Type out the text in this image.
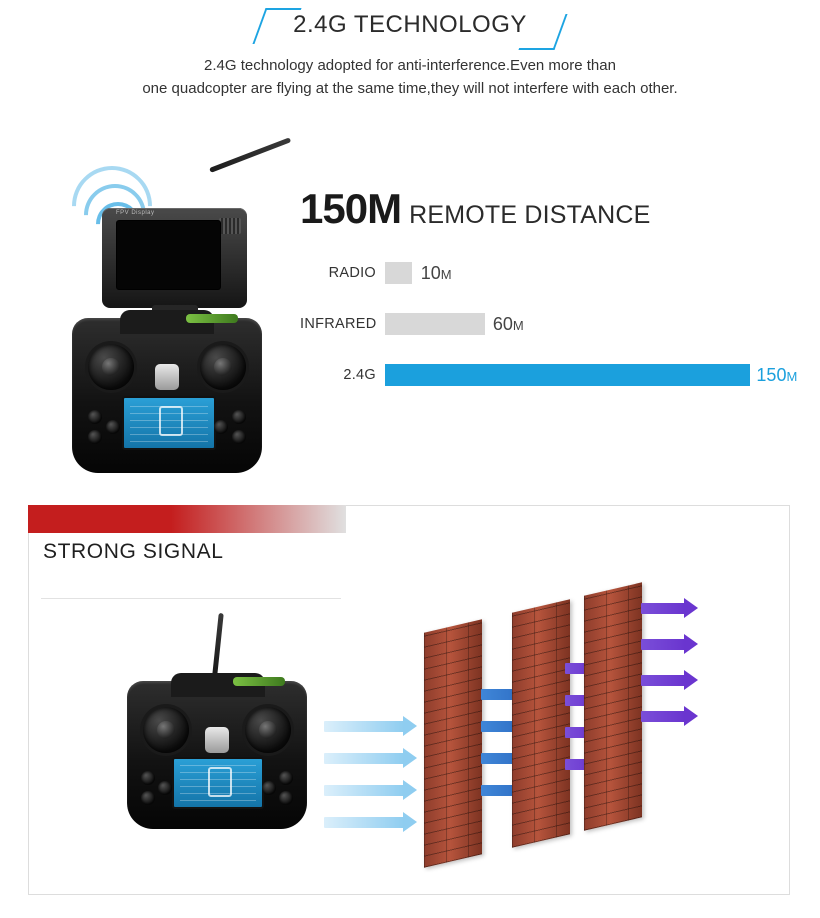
2.4G TECHNOLOGY
2.4G technology adopted for anti-interference.Even more than
one quadcopter are flying at the same time,they will not interfere with each other.
FPV Display	150M REMOTE DISTANCE
RADIO	10M
INFRARED	60M
2.4G	150M
STRONG SIGNAL
